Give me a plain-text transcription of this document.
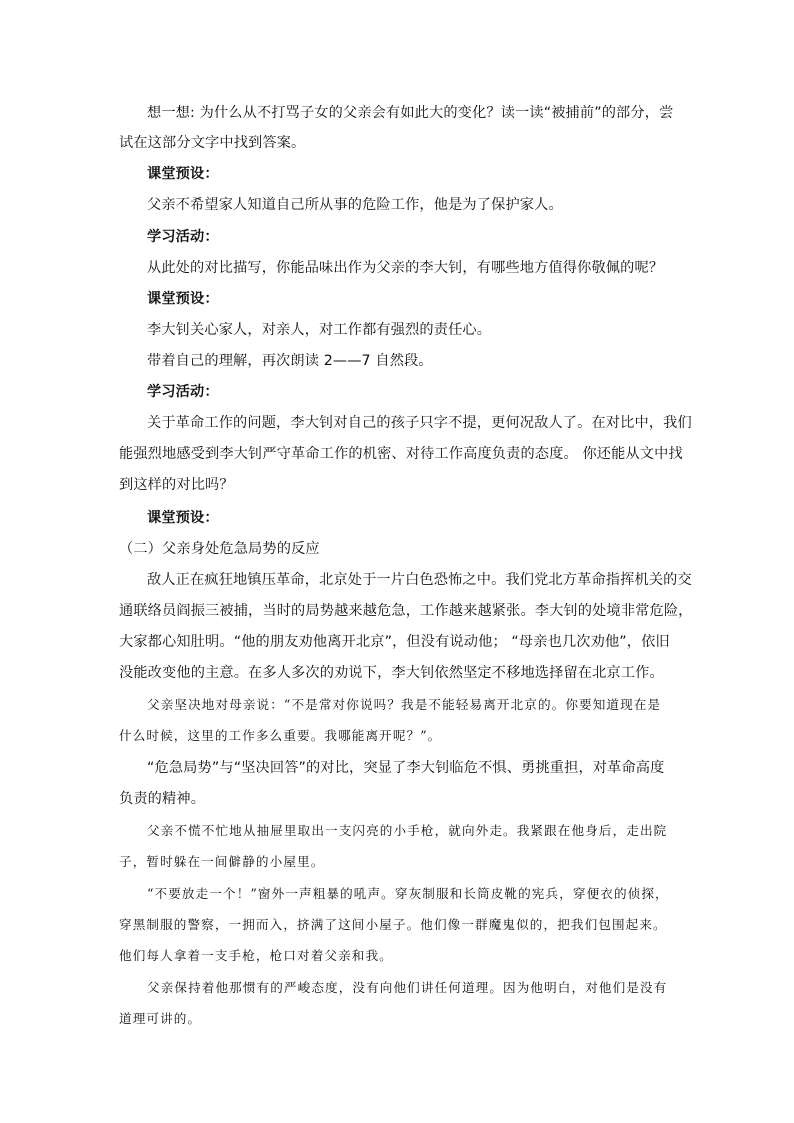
想一想: 为什么从不打骂子女的父亲会有如此大的变化？读一读“被捕前”的部分，尝
试在这部分文字中找到答案。
课堂预设：
父亲不希望家人知道自己所从事的危险工作，他是为了保护家人。
学习活动：
从此处的对比描写，你能品味出作为父亲的李大钊，有哪些地方值得你敬佩的呢？
课堂预设：
李大钊关心家人，对亲人，对工作都有强烈的责任心。
带着自己的理解，再次朗读 2——7 自然段。
学习活动：
关于革命工作的问题，李大钊对自己的孩子只字不提，更何况敌人了。在对比中，我们
能强烈地感受到李大钊严守革命工作的机密、对待工作高度负责的态度。 你还能从文中找
到这样的对比吗？
课堂预设：
（二）父亲身处危急局势的反应
敌人正在疯狂地镇压革命，北京处于一片白色恐怖之中。我们党北方革命指挥机关的交
通联络员阎振三被捕，当时的局势越来越危急，工作越来越紧张。李大钊的处境非常危险，
大家都心知肚明。“他的朋友劝他离开北京”，但没有说动他； “母亲也几次劝他”，依旧
没能改变他的主意。在多人多次的劝说下，李大钊依然坚定不移地选择留在北京工作。
父亲坚决地对母亲说：“不是常对你说吗？我是不能轻易离开北京的。你要知道现在是
什么时候，这里的工作多么重要。我哪能离开呢？”。
“危急局势”与“坚决回答”的对比，突显了李大钊临危不惧、勇挑重担，对革命高度
负责的精神。
父亲不慌不忙地从抽屉里取出一支闪亮的小手枪，就向外走。我紧跟在他身后，走出院
子，暂时躲在一间僻静的小屋里。
“不要放走一个！”窗外一声粗暴的吼声。穿灰制服和长筒皮靴的宪兵，穿便衣的侦探，
穿黑制服的警察，一拥而入，挤满了这间小屋子。他们像一群魔鬼似的，把我们包围起来。
他们每人拿着一支手枪，枪口对着父亲和我。
父亲保持着他那惯有的严峻态度，没有向他们讲任何道理。因为他明白，对他们是没有
道理可讲的。
